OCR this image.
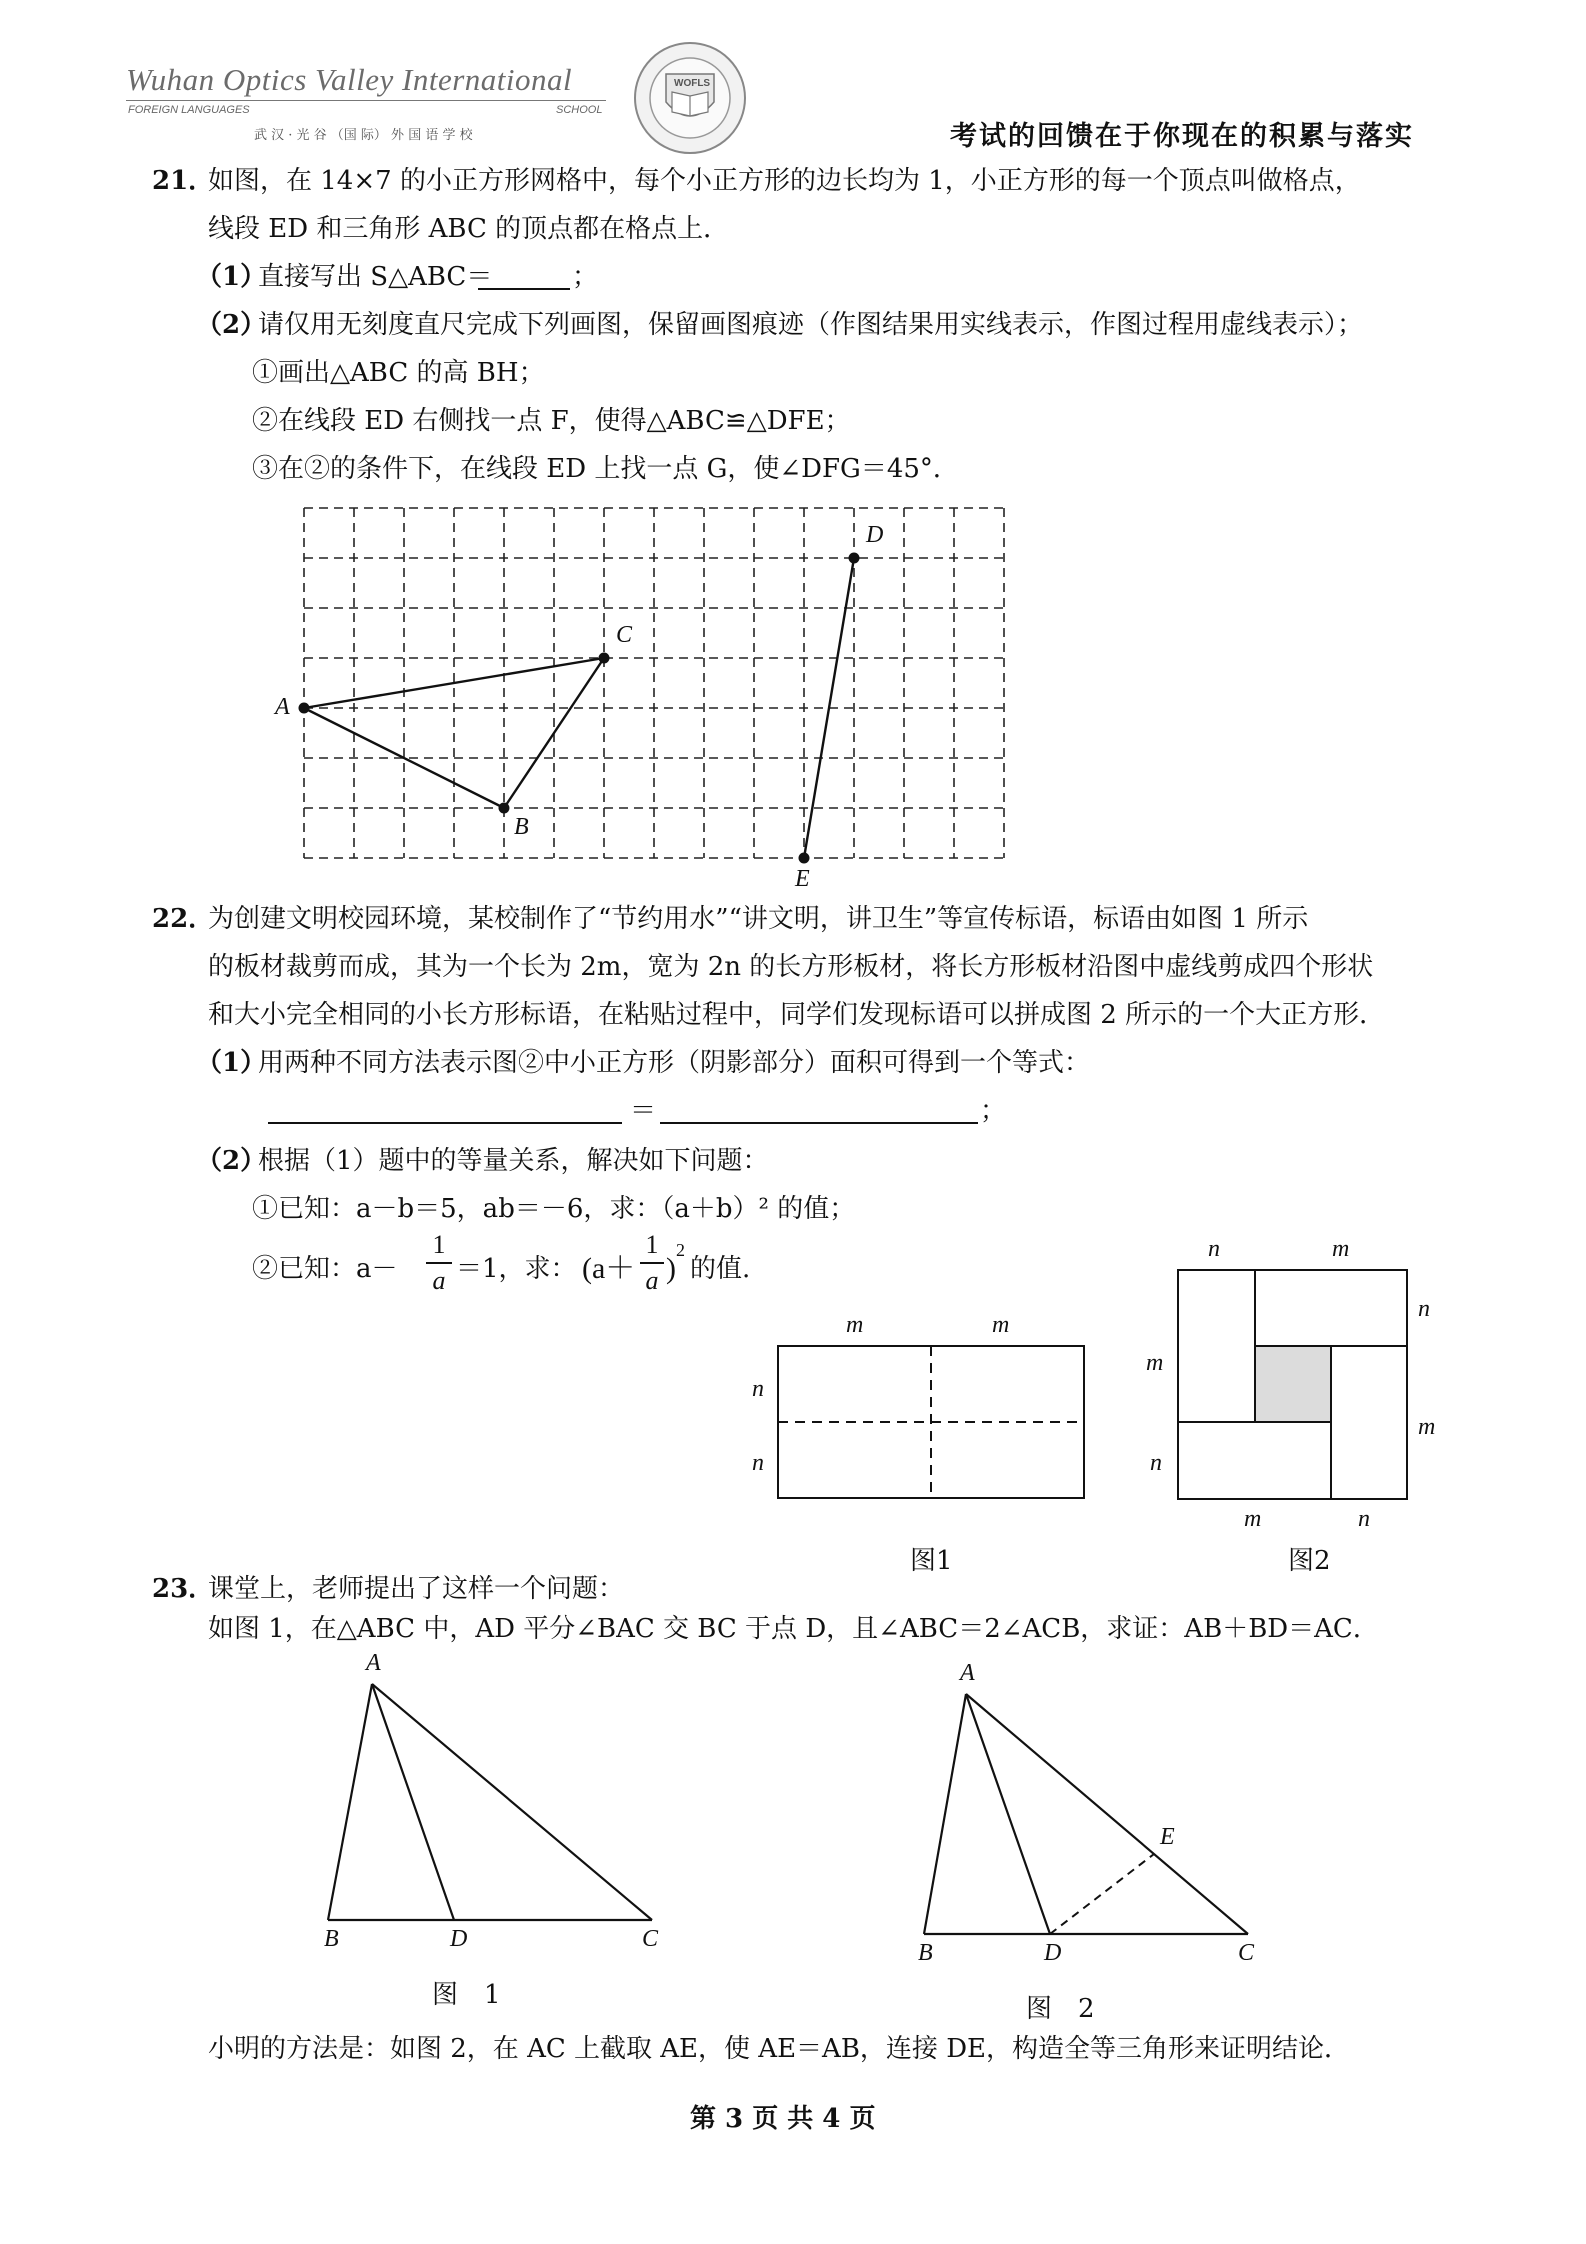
Wuhan Optics Valley International
FOREIGN LANGUAGES	SCHOOL
武 汉 · 光 谷 （国 际） 外 国 语 学 校
WOFLS
考试的回馈在于你现在的积累与落实
21．
如图，在 14×7 的小正方形网格中，每个小正方形的边长均为 1，小正方形的每一个顶点叫做格点，
线段 ED 和三角形 ABC 的顶点都在格点上．
（1）
直接写出 S△ABC＝	；
（2）
请仅用无刻度直尺完成下列画图，保留画图痕迹（作图结果用实线表示，作图过程用虚线表示）；
①画出△ABC 的高 BH；
②在线段 ED 右侧找一点 F，使得△ABC≌△DFE；
③在②的条件下，在线段 ED 上找一点 G，使∠DFG＝45°．
A
B
C
D
E
22．
为创建文明校园环境，某校制作了“节约用水”“讲文明，讲卫生”等宣传标语，标语由如图 1 所示
的板材裁剪而成，其为一个长为 2m，宽为 2n 的长方形板材，将长方形板材沿图中虚线剪成四个形状
和大小完全相同的小长方形标语，在粘贴过程中，同学们发现标语可以拼成图 2 所示的一个大正方形．
（1）
用两种不同方法表示图②中小正方形（阴影部分）面积可得到一个等式：
＝	；
（2）
根据（1）题中的等量关系，解决如下问题：
①已知：a－b＝5，ab＝－6，求：（a＋b）² 的值；
②已知：a－
1
a ＝1，求： (a＋
1
a )
2
的值.
m	m
n
n
图1
n	m
n
m
m
n
m	n
图2
23．
课堂上，老师提出了这样一个问题：
如图 1，在△ABC 中，AD 平分∠BAC 交 BC 于点 D，且∠ABC＝2∠ACB，求证：AB＋BD＝AC．
A
B	D	C
图　1
A
E
B	D	C
图　2
小明的方法是：如图 2，在 AC 上截取 AE，使 AE＝AB，连接 DE，构造全等三角形来证明结论．
第 3 页 共 4 页
